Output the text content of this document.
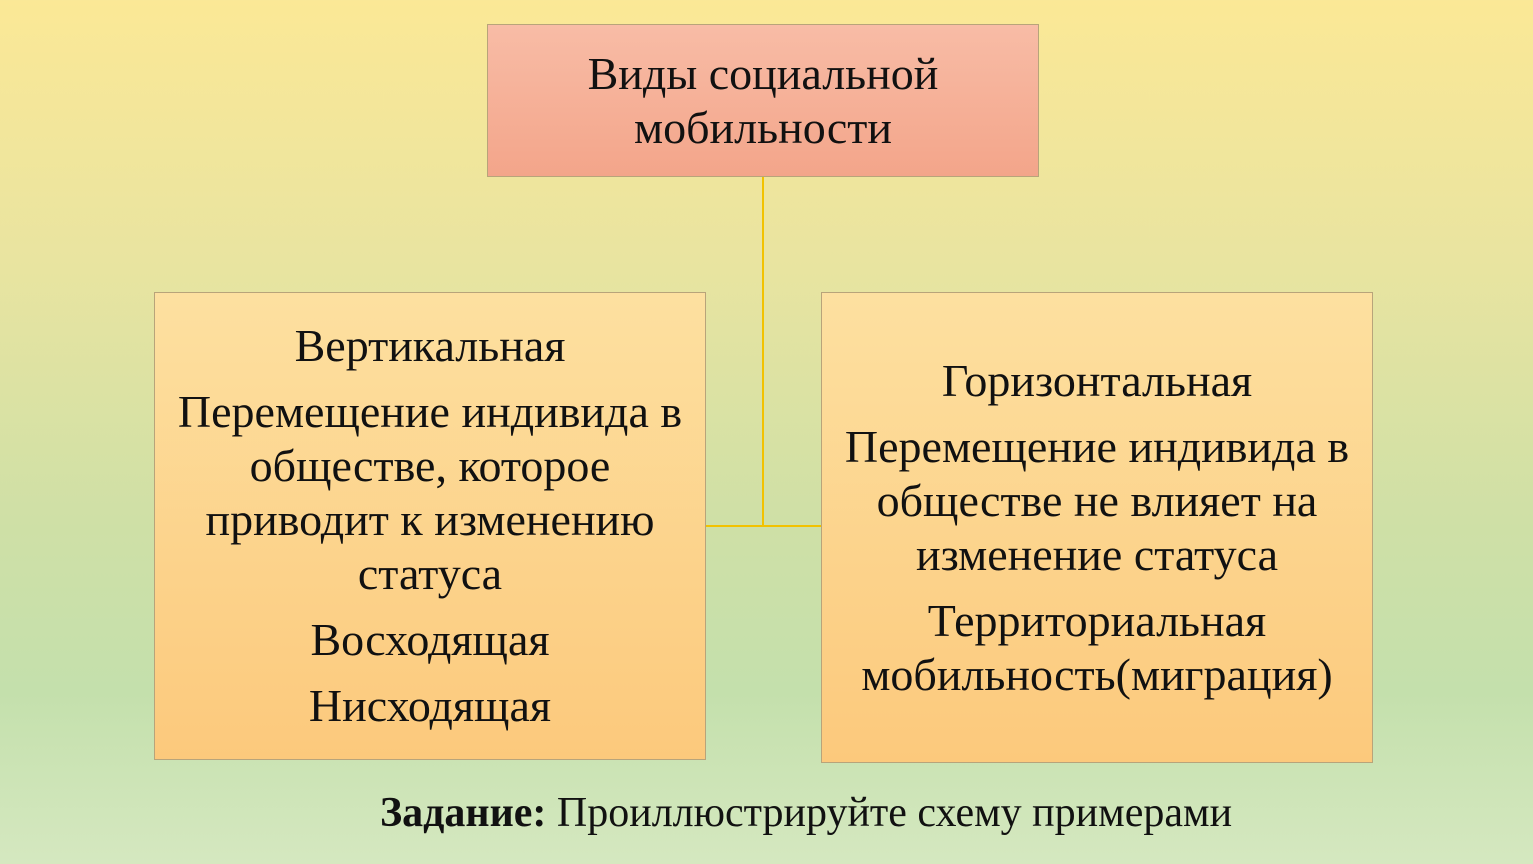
Виды социальной мобильности
Вертикальная
Перемещение индивида в обществе, которое приводит к изменению статуса
Восходящая
Нисходящая
Горизонтальная
Перемещение индивида в обществе не влияет на изменение статуса
Территориальная мобильность(миграция)
Задание: Проиллюстрируйте схему примерами
